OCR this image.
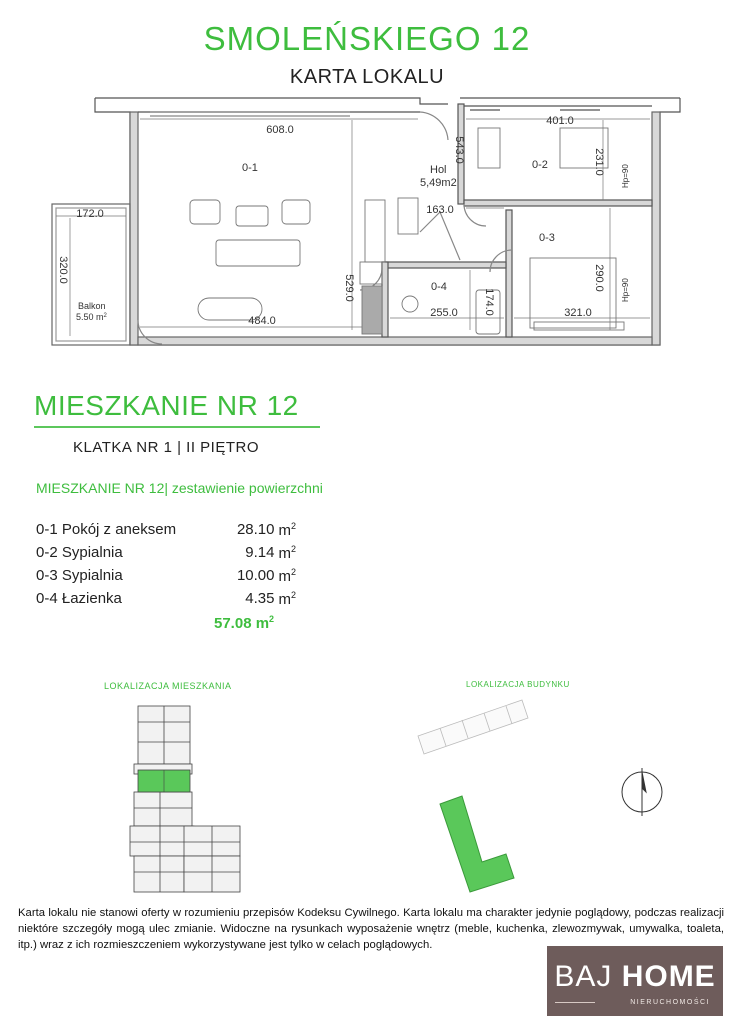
SMOLEŃSKIEGO 12
KARTA LOKALU
608.0
401.0
543.0	231.0
172.0	163.0
320.0
529.0	290.0
174.0
484.0
255.0	321.0
0-1	0-2
0-3
0-4
Hol
5,49m2
Balkon
5.50 $m^2$
Hp=90
Hp=90
MIESZKANIE NR 12
KLATKA NR 1 | II PIĘTRO
MIESZKANIE NR 12| zestawienie powierzchni
0-1 Pokój z aneksem	28.10 $m^2$
0-2 Sypialnia	9.14 $m^2$
0-3 Sypialnia	10.00 $m^2$
0-4 Łazienka	4.35 $m^2$
57.08 $m^2$
LOKALIZACJA MIESZKANIA	LOKALIZACJA BUDYNKU
Karta lokalu nie stanowi oferty w rozumieniu przepisów Kodeksu Cywilnego. Karta lokalu ma charakter jedynie poglądowy, podczas realizacji niektóre szczegóły mogą ulec zmianie. Widoczne na rysunkach wyposażenie wnętrz (meble, kuchenka, zlewozmywak, umywalka, toaleta, itp.) wraz z ich rozmieszczeniem wykorzystywane jest tylko w celach poglądowych.
BAJ HOME
NIERUCHOMOŚCI
